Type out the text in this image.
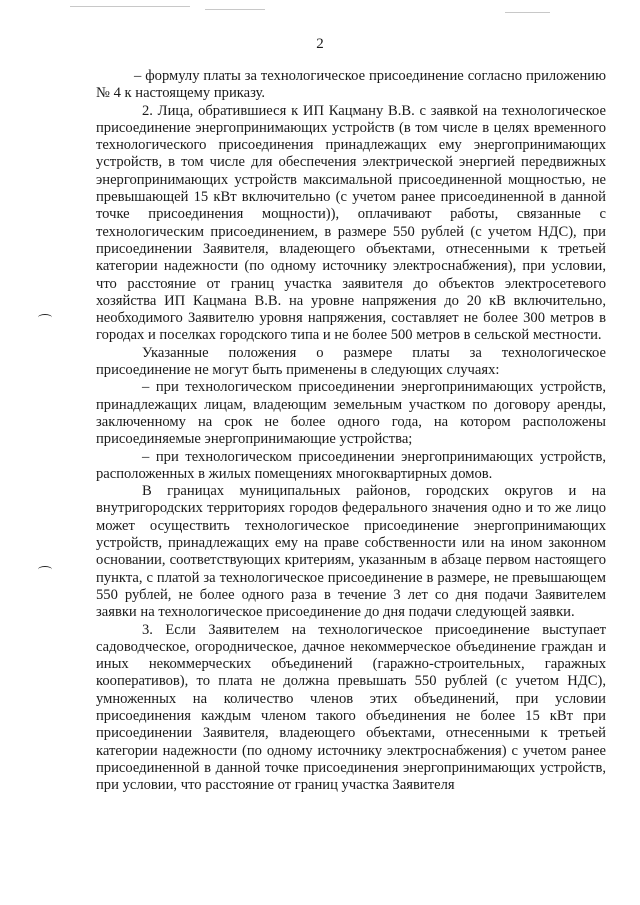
2

– формулу платы за технологическое присоединение согласно приложению № 4 к настоящему приказу.

2. Лица, обратившиеся к ИП Кацману В.В. с заявкой на технологическое присоединение энергопринимающих устройств (в том числе в целях временного технологического присоединения принадлежащих ему энергопринимающих устройств, в том числе для обеспечения электрической энергией передвижных энергопринимающих устройств максимальной присоединенной мощностью, не превышающей 15 кВт включительно (с учетом ранее присоединенной в данной точке присоединения мощности)), оплачивают работы, связанные с технологическим присоединением, в размере 550 рублей (с учетом НДС), при присоединении Заявителя, владеющего объектами, отнесенными к третьей категории надежности (по одному источнику электроснабжения), при условии, что расстояние от границ участка заявителя до объектов электросетевого хозяйства ИП Кацмана В.В. на уровне напряжения до 20 кВ включительно, необходимого Заявителю уровня напряжения, составляет не более 300 метров в городах и поселках городского типа и не более 500 метров в сельской местности.

Указанные положения о размере платы за технологическое присоединение не могут быть применены в следующих случаях:

– при технологическом присоединении энергопринимающих устройств, принадлежащих лицам, владеющим земельным участком по договору аренды, заключенному на срок не более одного года, на котором расположены присоединяемые энергопринимающие устройства;

– при технологическом присоединении энергопринимающих устройств, расположенных в жилых помещениях многоквартирных домов.

В границах муниципальных районов, городских округов и на внутригородских территориях городов федерального значения одно и то же лицо может осуществить технологическое присоединение энергопринимающих устройств, принадлежащих ему на праве собственности или на ином законном основании, соответствующих критериям, указанным в абзаце первом настоящего пункта, с платой за технологическое присоединение в размере, не превышающем 550 рублей, не более одного раза в течение 3 лет со дня подачи Заявителем заявки на технологическое присоединение до дня подачи следующей заявки.

3. Если Заявителем на технологическое присоединение выступает садоводческое, огородническое, дачное некоммерческое объединение граждан и иных некоммерческих объединений (гаражно-строительных, гаражных кооперативов), то плата не должна превышать 550 рублей (с учетом НДС), умноженных на количество членов этих объединений, при условии присоединения каждым членом такого объединения не более 15 кВт при присоединении Заявителя, владеющего объектами, отнесенными к третьей категории надежности (по одному источнику электроснабжения) с учетом ранее присоединенной в данной точке присоединения энергопринимающих устройств, при условии, что расстояние от границ участка Заявителя
